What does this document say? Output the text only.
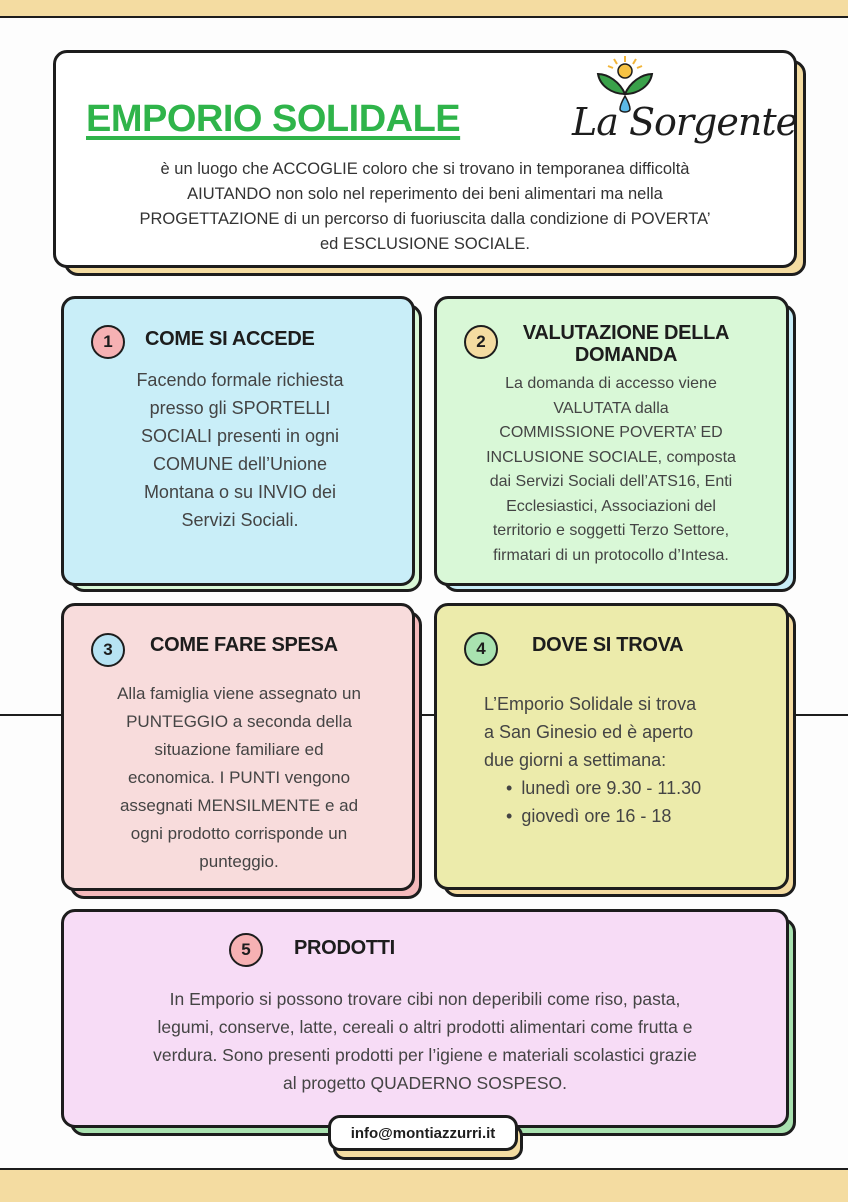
EMPORIO SOLIDALE	La Sorgente
è un luogo che ACCOGLIE coloro che si trovano in temporanea difficoltà
AIUTANDO non solo nel reperimento dei beni alimentari ma nella
PROGETTAZIONE di un percorso di fuoriuscita dalla condizione di POVERTA’
ed ESCLUSIONE SOCIALE.
1	COME SI ACCEDE
Facendo formale richiesta
presso gli SPORTELLI
SOCIALI presenti in ogni
COMUNE dell’Unione
Montana o su INVIO dei
Servizi Sociali.
2	VALUTAZIONE DELLA
DOMANDA
La domanda di accesso viene
VALUTATA dalla
COMMISSIONE POVERTA’ ED
INCLUSIONE SOCIALE, composta
dai Servizi Sociali dell’ATS16, Enti
Ecclesiastici, Associazioni del
territorio e soggetti Terzo Settore,
firmatari di un protocollo d’Intesa.
3	COME FARE SPESA
Alla famiglia viene assegnato un
PUNTEGGIO a seconda della
situazione familiare ed
economica. I PUNTI vengono
assegnati MENSILMENTE e ad
ogni prodotto corrisponde un
punteggio.
4	DOVE SI TROVA
L’Emporio Solidale si trova
a San Ginesio ed è aperto
due giorni a settimana:
• lunedì ore 9.30 - 11.30
• giovedì ore 16 - 18
5	PRODOTTI
In Emporio si possono trovare cibi non deperibili come riso, pasta,
legumi, conserve, latte, cereali o altri prodotti alimentari come frutta e
verdura. Sono presenti prodotti per l’igiene e materiali scolastici grazie
al progetto QUADERNO SOSPESO.
info@montiazzurri.it
